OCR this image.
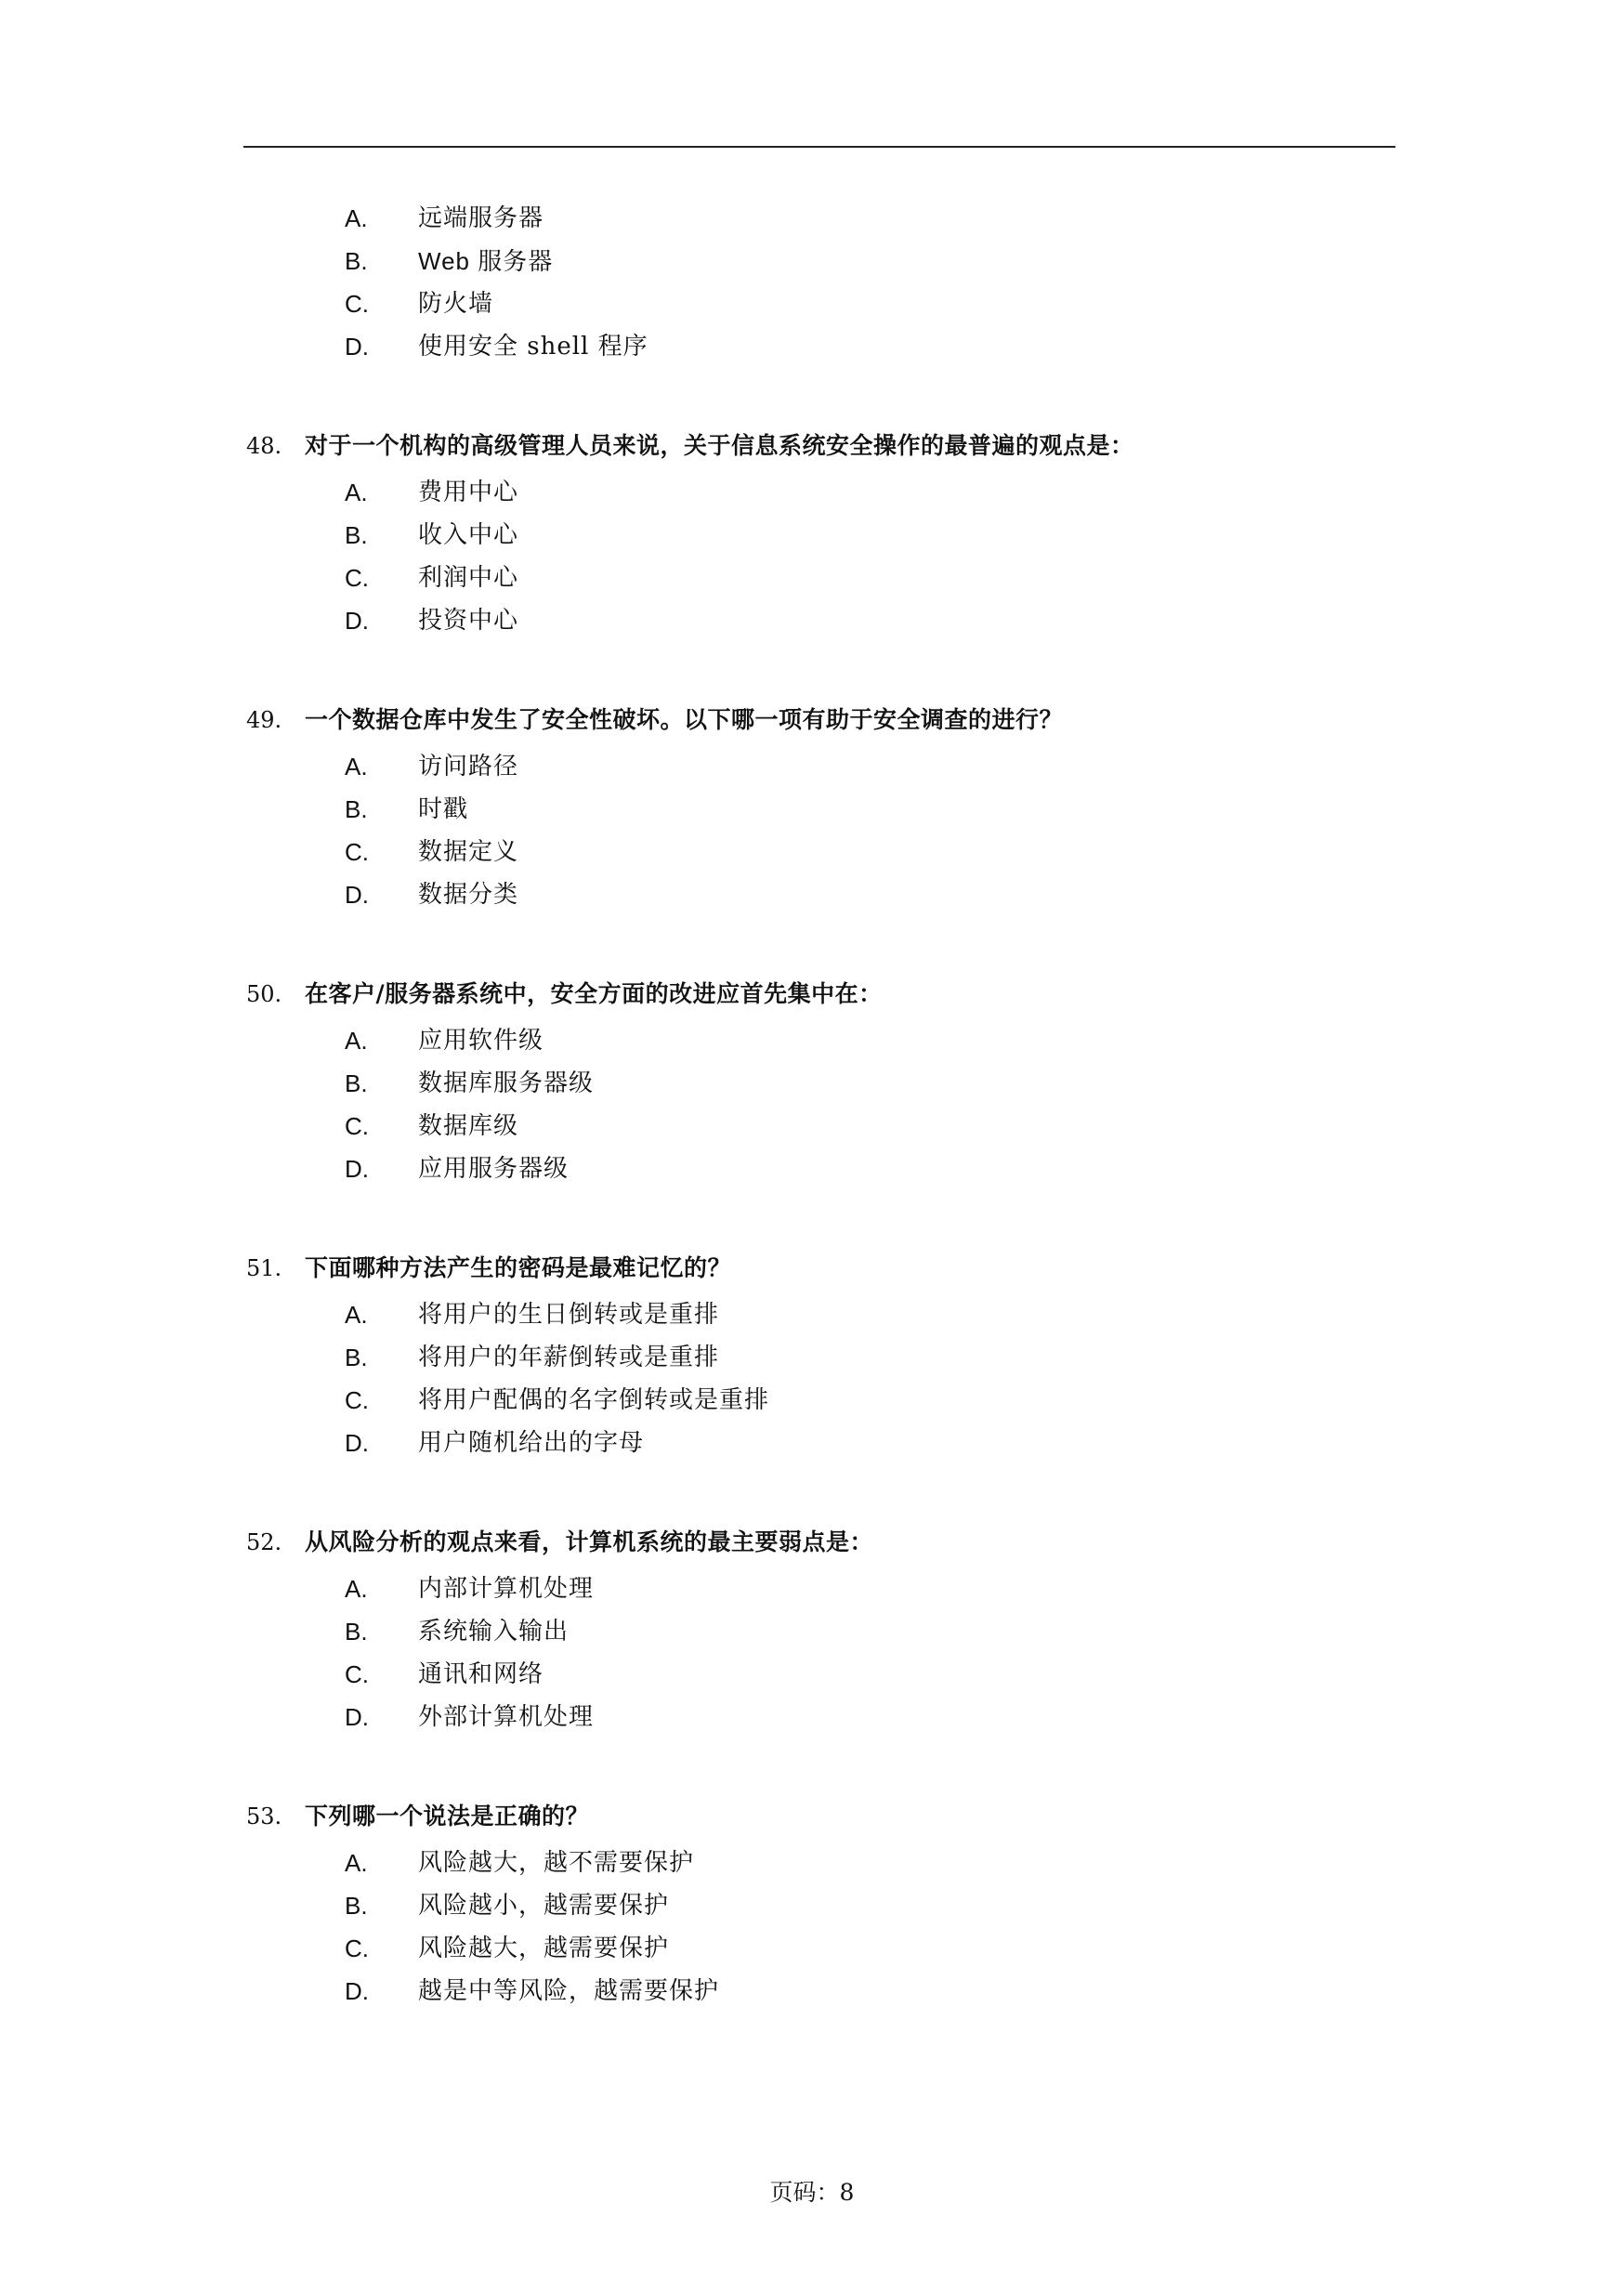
A. 远端服务器
B. Web 服务器
C. 防火墙
D. 使用安全 shell 程序
48. 对于一个机构的高级管理人员来说，关于信息系统安全操作的最普遍的观点是：
A. 费用中心
B. 收入中心
C. 利润中心
D. 投资中心
49. 一个数据仓库中发生了安全性破坏。以下哪一项有助于安全调查的进行？
A. 访问路径
B. 时戳
C. 数据定义
D. 数据分类
50. 在客户/服务器系统中，安全方面的改进应首先集中在：
A. 应用软件级
B. 数据库服务器级
C. 数据库级
D. 应用服务器级
51. 下面哪种方法产生的密码是最难记忆的？
A. 将用户的生日倒转或是重排
B. 将用户的年薪倒转或是重排
C. 将用户配偶的名字倒转或是重排
D. 用户随机给出的字母
52. 从风险分析的观点来看，计算机系统的最主要弱点是：
A. 内部计算机处理
B. 系统输入输出
C. 通讯和网络
D. 外部计算机处理
53. 下列哪一个说法是正确的？
A. 风险越大，越不需要保护
B. 风险越小，越需要保护
C. 风险越大，越需要保护
D. 越是中等风险，越需要保护
页码：8
